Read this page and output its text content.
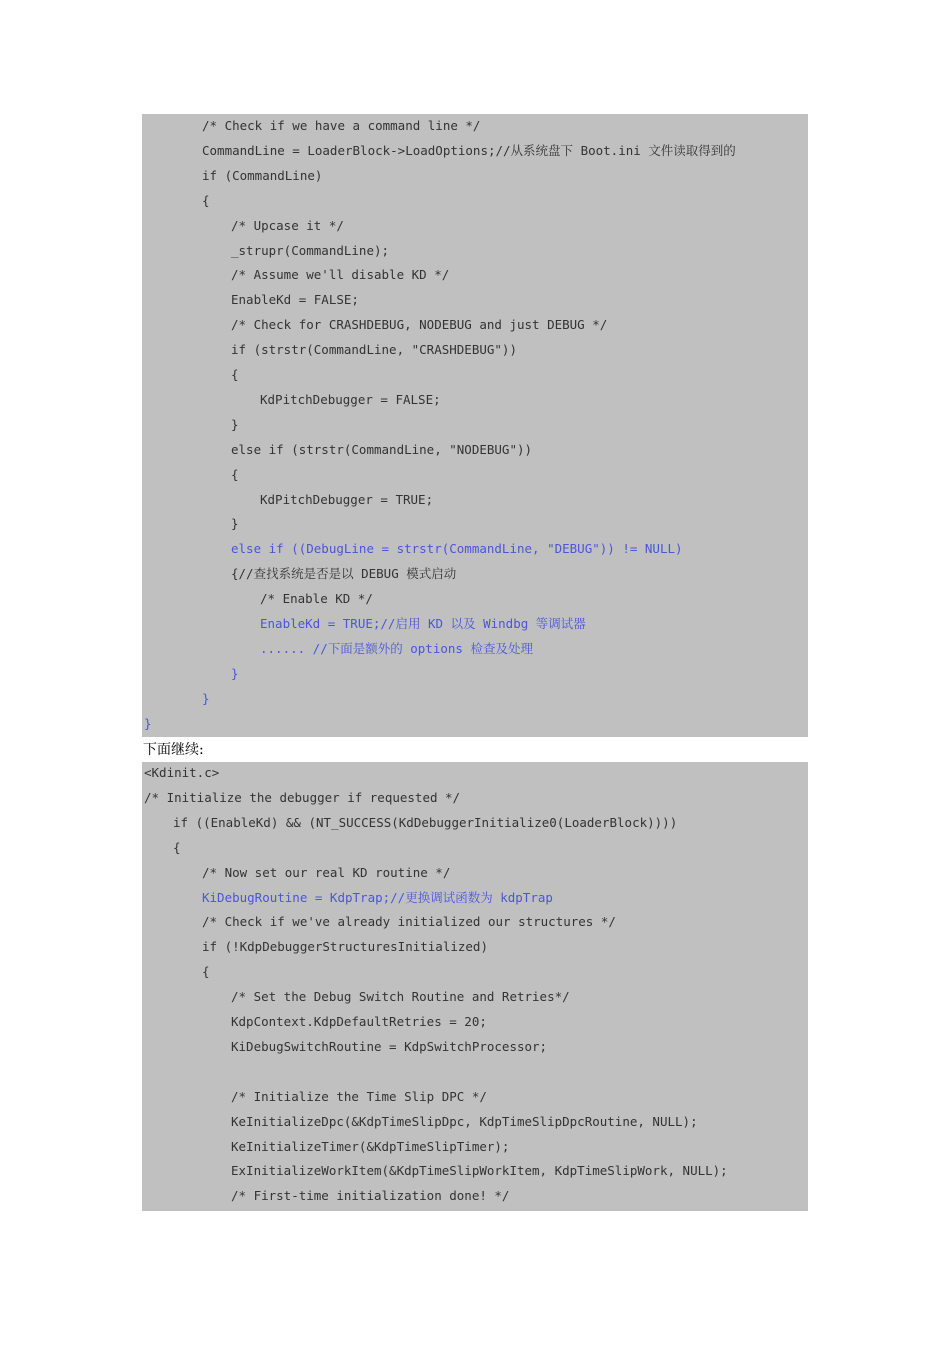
/* Check if we have a command line */
CommandLine = LoaderBlock->LoadOptions;//从系统盘下 Boot.ini 文件读取得到的
if (CommandLine)
{
/* Upcase it */
_strupr(CommandLine);
/* Assume we'll disable KD */
EnableKd = FALSE;
/* Check for CRASHDEBUG, NODEBUG and just DEBUG */
if (strstr(CommandLine, "CRASHDEBUG"))
{
KdPitchDebugger = FALSE;
}
else if (strstr(CommandLine, "NODEBUG"))
{
KdPitchDebugger = TRUE;
}
else if ((DebugLine = strstr(CommandLine, "DEBUG")) != NULL)
{//查找系统是否是以 DEBUG 模式启动
/* Enable KD */
EnableKd = TRUE;//启用 KD 以及 Windbg 等调试器
...... //下面是额外的 options 检查及处理
}
}
}
下面继续:
<Kdinit.c>
/* Initialize the debugger if requested */
if ((EnableKd) && (NT_SUCCESS(KdDebuggerInitialize0(LoaderBlock))))
{
/* Now set our real KD routine */
KiDebugRoutine = KdpTrap;//更换调试函数为 kdpTrap
/* Check if we've already initialized our structures */
if (!KdpDebuggerStructuresInitialized)
{
/* Set the Debug Switch Routine and Retries*/
KdpContext.KdpDefaultRetries = 20;
KiDebugSwitchRoutine = KdpSwitchProcessor;
/* Initialize the Time Slip DPC */
KeInitializeDpc(&KdpTimeSlipDpc, KdpTimeSlipDpcRoutine, NULL);
KeInitializeTimer(&KdpTimeSlipTimer);
ExInitializeWorkItem(&KdpTimeSlipWorkItem, KdpTimeSlipWork, NULL);
/* First-time initialization done! */
